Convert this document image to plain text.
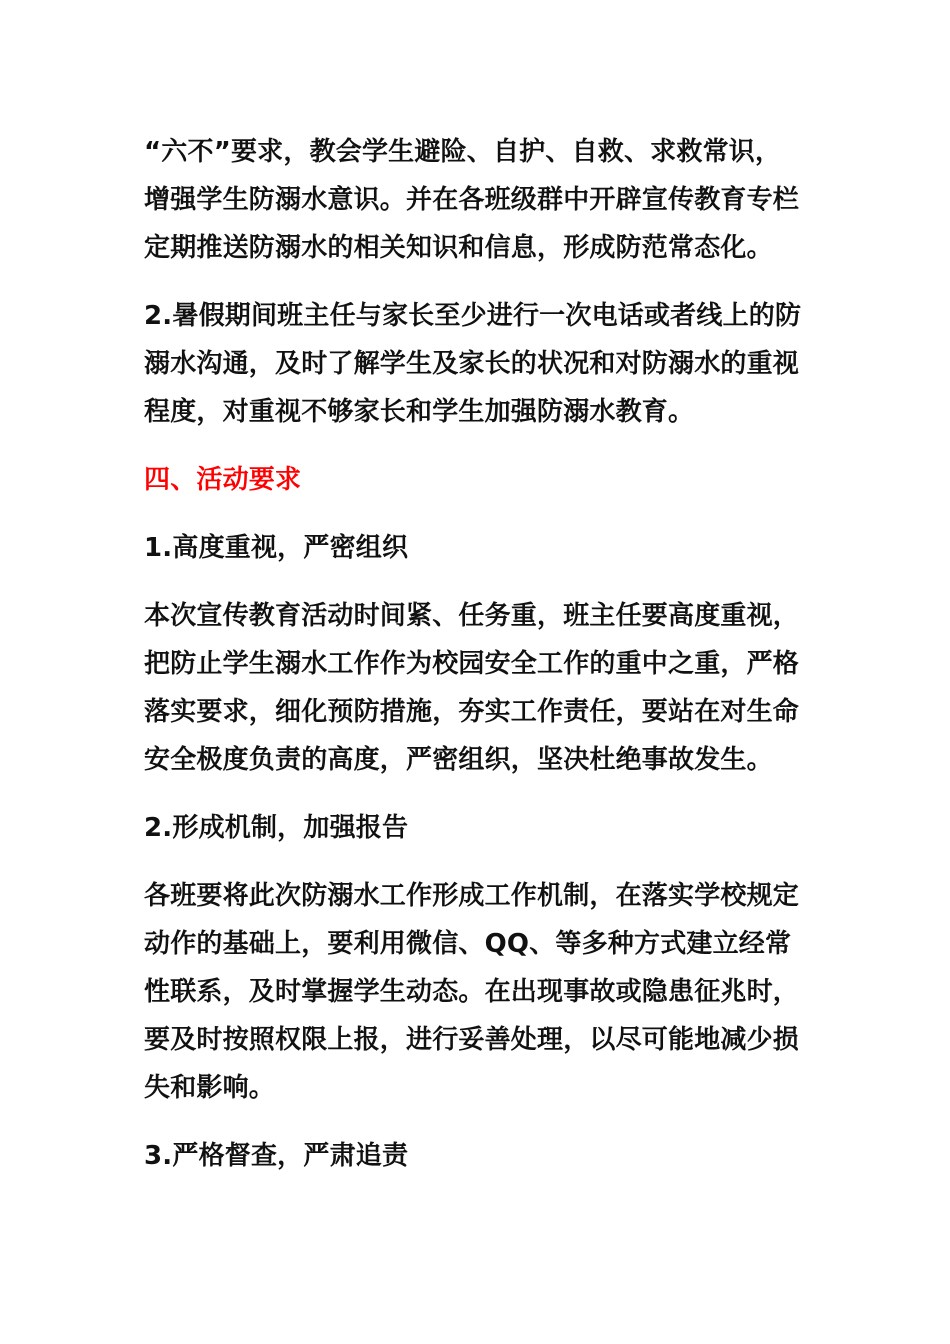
“六不”要求，教会学生避险、自护、自救、求救常识，
增强学生防溺水意识。并在各班级群中开辟宣传教育专栏
定期推送防溺水的相关知识和信息，形成防范常态化。
2.暑假期间班主任与家长至少进行一次电话或者线上的防
溺水沟通，及时了解学生及家长的状况和对防溺水的重视
程度，对重视不够家长和学生加强防溺水教育。
四、活动要求
1.高度重视，严密组织
本次宣传教育活动时间紧、任务重，班主任要高度重视，
把防止学生溺水工作作为校园安全工作的重中之重，严格
落实要求，细化预防措施，夯实工作责任，要站在对生命
安全极度负责的高度，严密组织，坚决杜绝事故发生。
2.形成机制，加强报告
各班要将此次防溺水工作形成工作机制，在落实学校规定
动作的基础上，要利用微信、QQ、等多种方式建立经常
性联系，及时掌握学生动态。在出现事故或隐患征兆时，
要及时按照权限上报，进行妥善处理，以尽可能地减少损
失和影响。
3.严格督查，严肃追责
